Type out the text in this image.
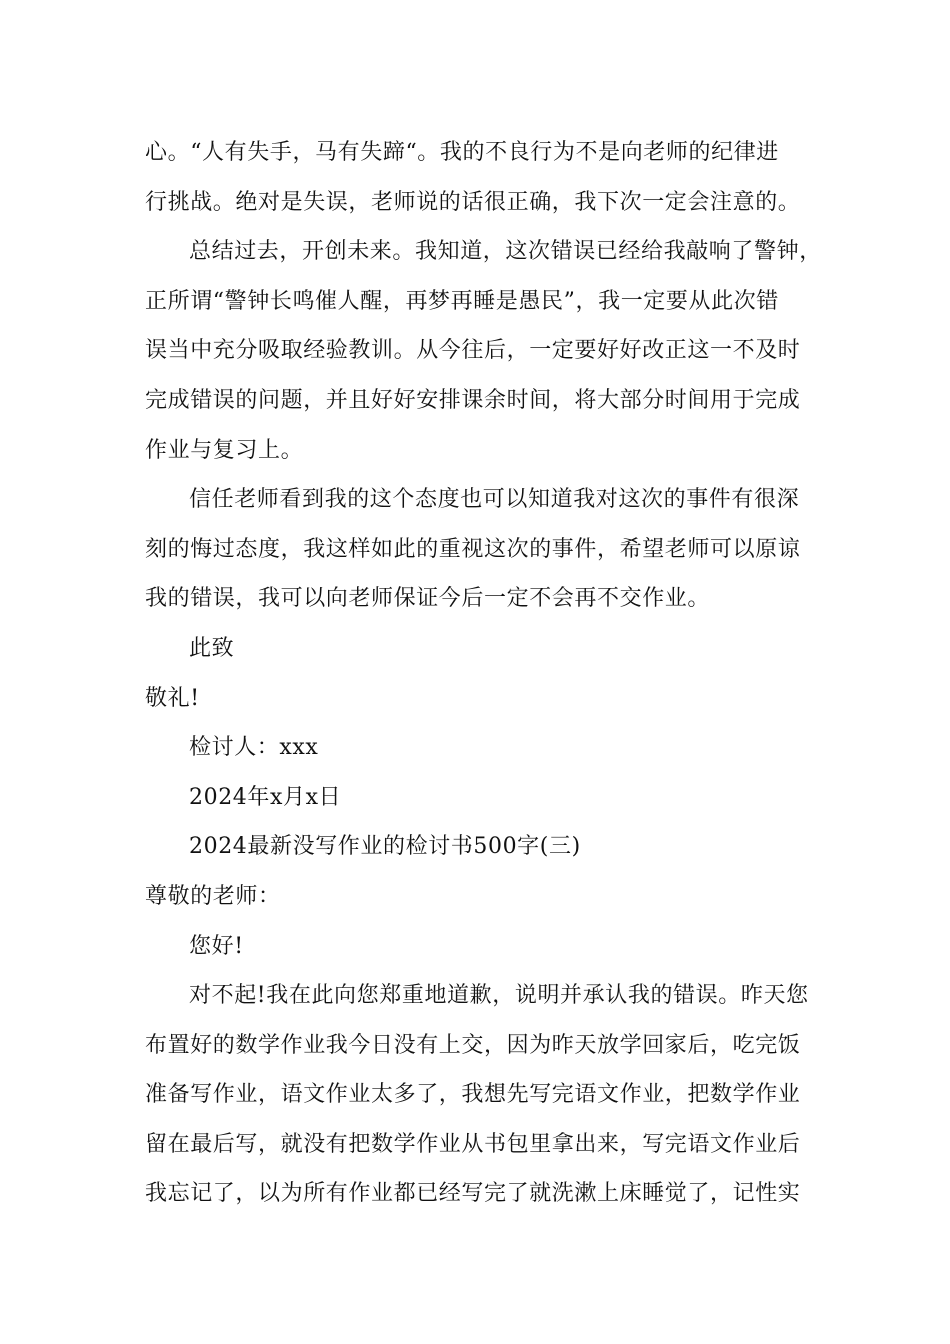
心。“人有失手，马有失蹄“。我的不良行为不是向老师的纪律进
行挑战。绝对是失误，老师说的话很正确，我下次一定会注意的。
总结过去，开创未来。我知道，这次错误已经给我敲响了警钟，
正所谓“警钟长鸣催人醒，再梦再睡是愚民”，我一定要从此次错
误当中充分吸取经验教训。从今往后，一定要好好改正这一不及时
完成错误的问题，并且好好安排课余时间，将大部分时间用于完成
作业与复习上。
信任老师看到我的这个态度也可以知道我对这次的事件有很深
刻的悔过态度，我这样如此的重视这次的事件，希望老师可以原谅
我的错误，我可以向老师保证今后一定不会再不交作业。
此致
敬礼!
检讨人：xxx
2024年x月x日
2024最新没写作业的检讨书500字(三)
尊敬的老师：
您好!
对不起!我在此向您郑重地道歉，说明并承认我的错误。昨天您
布置好的数学作业我今日没有上交，因为昨天放学回家后，吃完饭
准备写作业，语文作业太多了，我想先写完语文作业，把数学作业
留在最后写，就没有把数学作业从书包里拿出来，写完语文作业后
我忘记了，以为所有作业都已经写完了就洗漱上床睡觉了，记性实
